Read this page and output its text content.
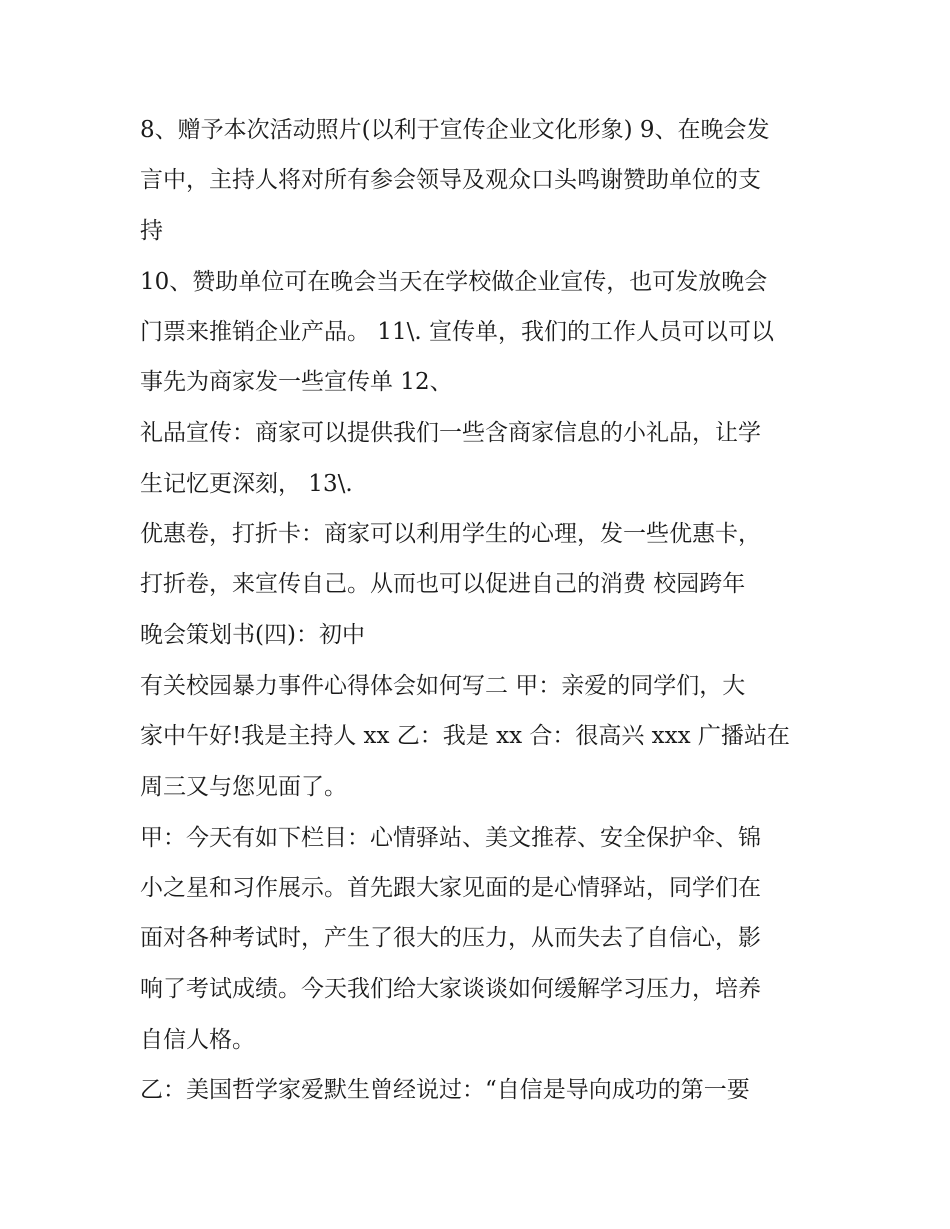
8、赠予本次活动照片(以利于宣传企业文化形象) 9、在晚会发
言中，主持人将对所有参会领导及观众口头鸣谢赞助单位的支
持
10、赞助单位可在晚会当天在学校做企业宣传，也可发放晚会
门票来推销企业产品。 11\. 宣传单，我们的工作人员可以可以
事先为商家发一些宣传单 12、
礼品宣传：商家可以提供我们一些含商家信息的小礼品，让学
生记忆更深刻， 13\.
优惠卷，打折卡：商家可以利用学生的心理，发一些优惠卡，
打折卷，来宣传自己。从而也可以促进自己的消费 校园跨年
晚会策划书(四)：初中
有关校园暴力事件心得体会如何写二 甲：亲爱的同学们，大
家中午好!我是主持人 xx 乙：我是 xx 合：很高兴 xxx 广播站在
周三又与您见面了。
甲：今天有如下栏目：心情驿站、美文推荐、安全保护伞、锦
小之星和习作展示。首先跟大家见面的是心情驿站，同学们在
面对各种考试时，产生了很大的压力，从而失去了自信心，影
响了考试成绩。今天我们给大家谈谈如何缓解学习压力，培养
自信人格。
乙：美国哲学家爱默生曾经说过：“自信是导向成功的第一要
